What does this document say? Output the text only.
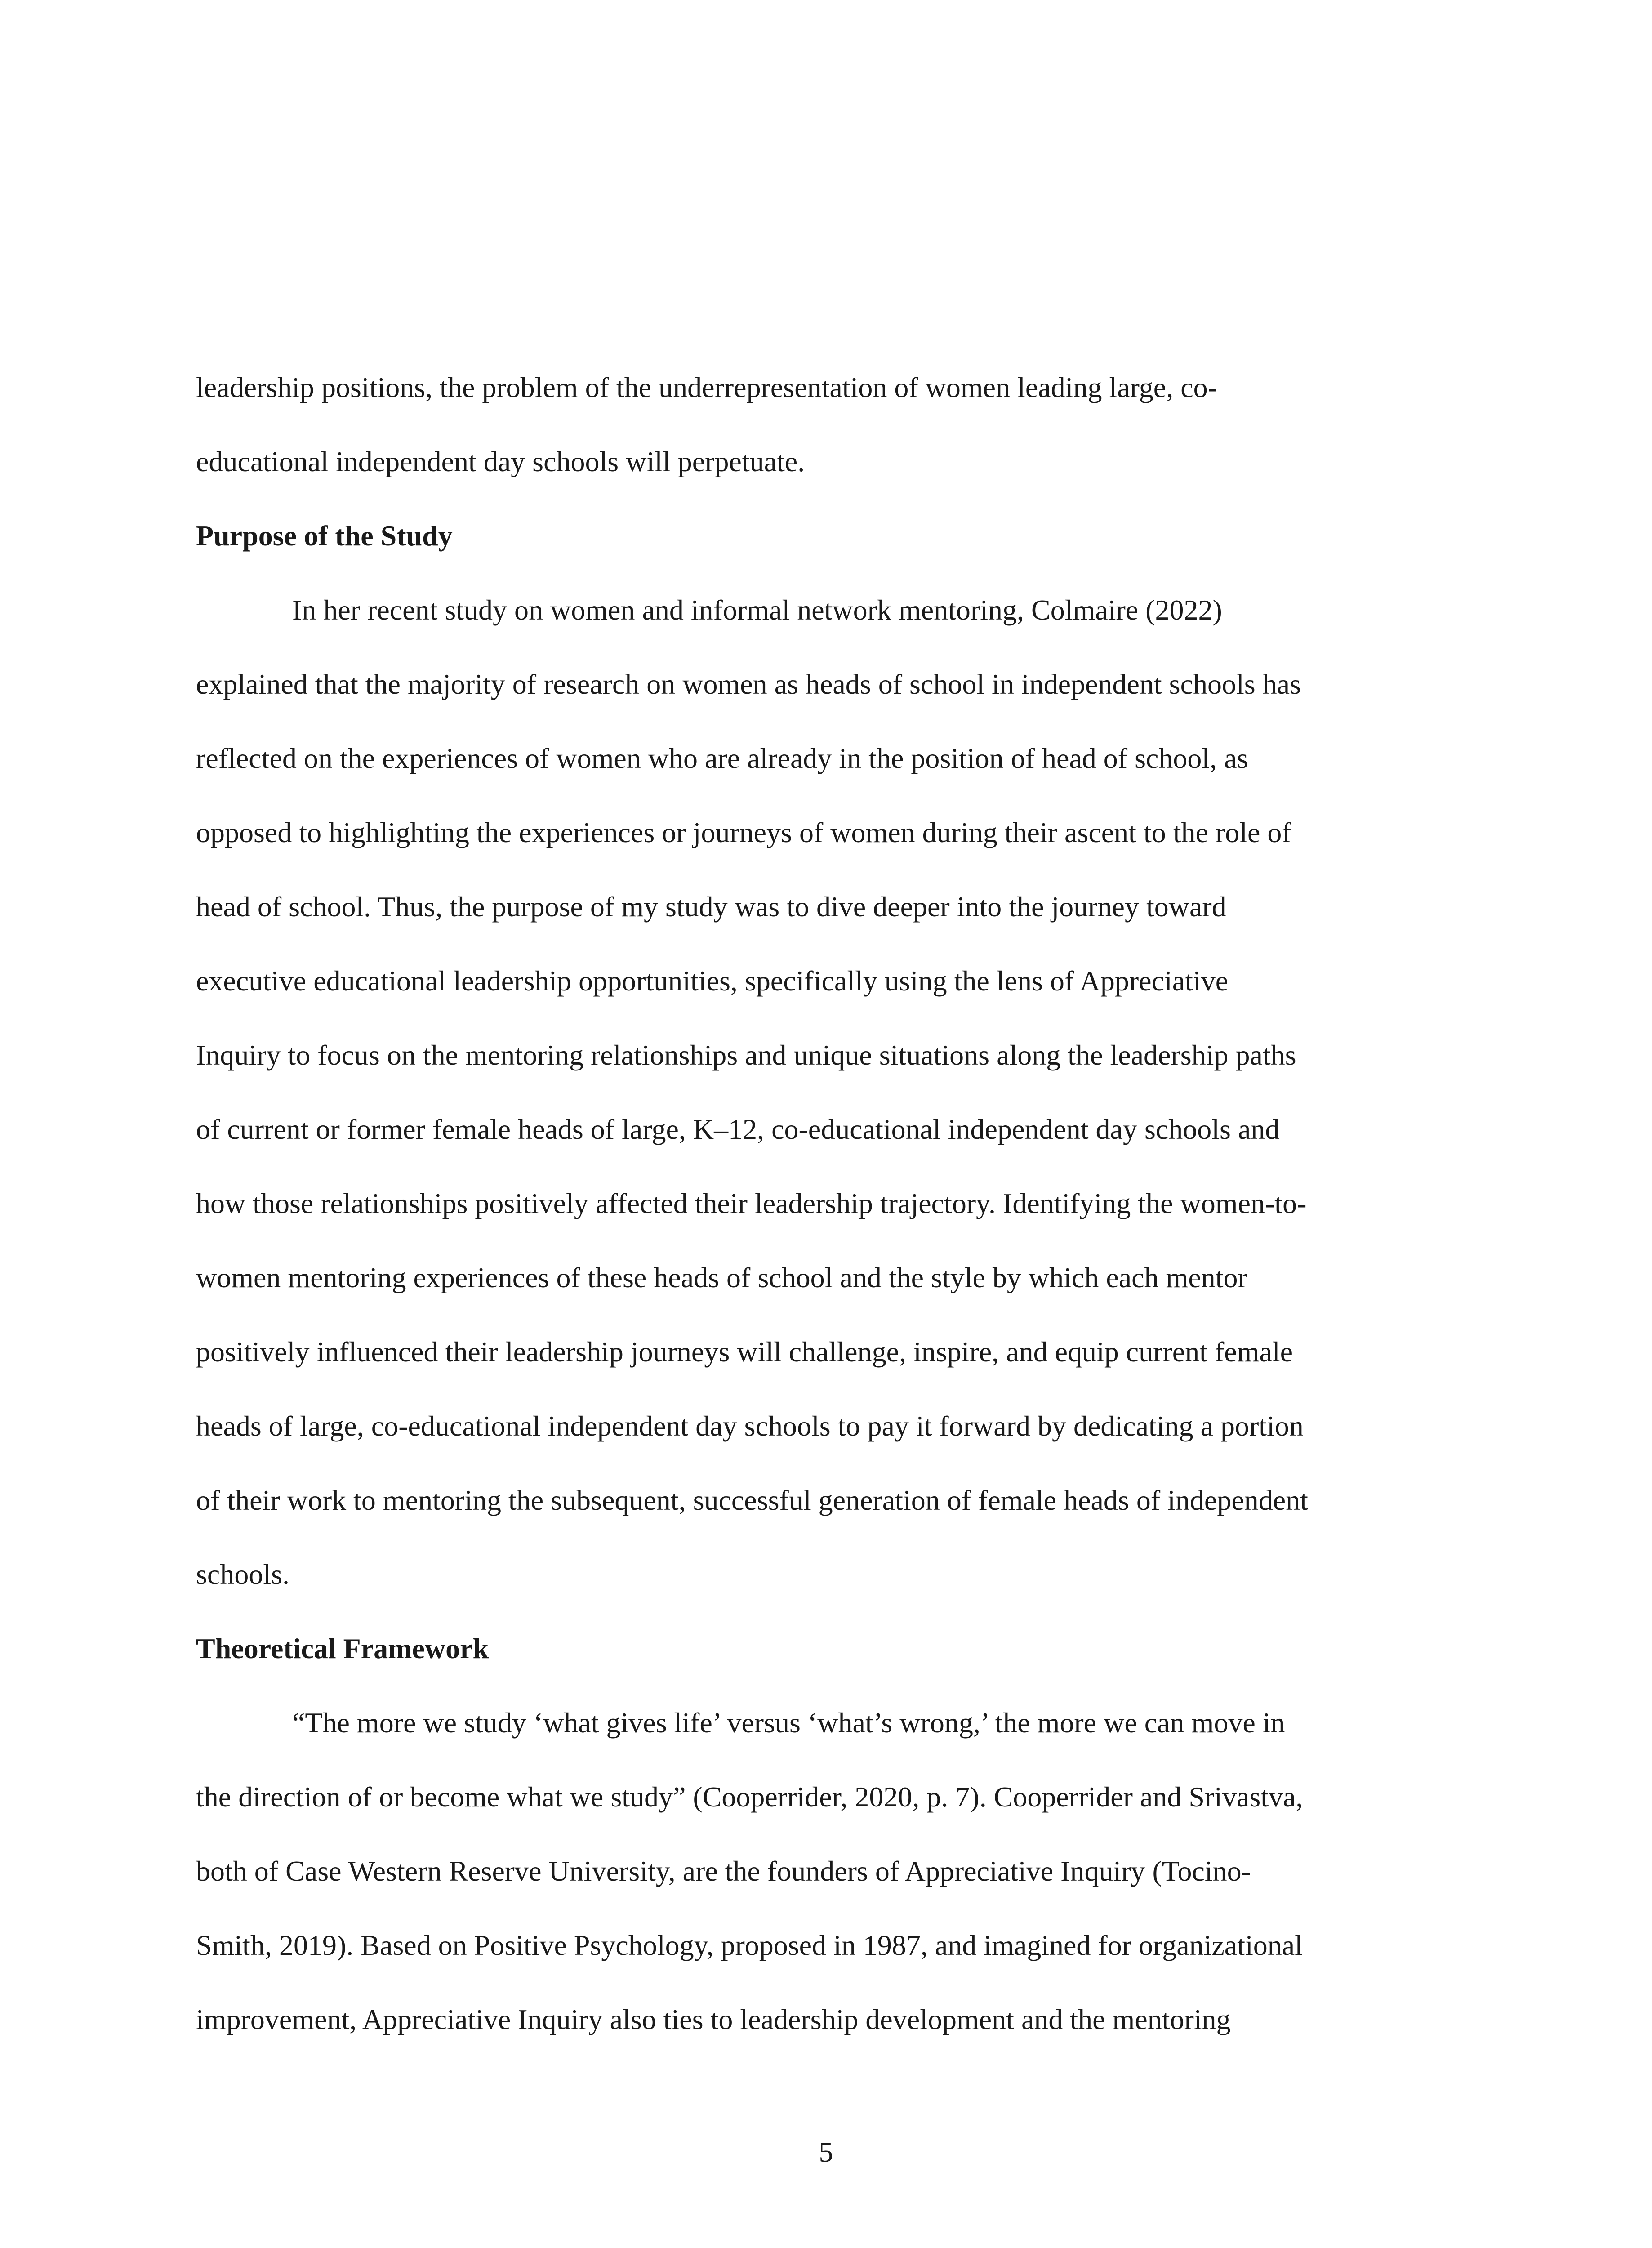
leadership positions, the problem of the underrepresentation of women leading large, co-

educational independent day schools will perpetuate.

Purpose of the Study

In her recent study on women and informal network mentoring, Colmaire (2022)

explained that the majority of research on women as heads of school in independent schools has

reflected on the experiences of women who are already in the position of head of school, as

opposed to highlighting the experiences or journeys of women during their ascent to the role of

head of school. Thus, the purpose of my study was to dive deeper into the journey toward

executive educational leadership opportunities, specifically using the lens of Appreciative

Inquiry to focus on the mentoring relationships and unique situations along the leadership paths

of current or former female heads of large, K–12, co-educational independent day schools and

how those relationships positively affected their leadership trajectory. Identifying the women-to-

women mentoring experiences of these heads of school and the style by which each mentor

positively influenced their leadership journeys will challenge, inspire, and equip current female

heads of large, co-educational independent day schools to pay it forward by dedicating a portion

of their work to mentoring the subsequent, successful generation of female heads of independent

schools.

Theoretical Framework

“The more we study ‘what gives life’ versus ‘what’s wrong,’ the more we can move in

the direction of or become what we study” (Cooperrider, 2020, p. 7). Cooperrider and Srivastva,

both of Case Western Reserve University, are the founders of Appreciative Inquiry (Tocino-

Smith, 2019). Based on Positive Psychology, proposed in 1987, and imagined for organizational

improvement, Appreciative Inquiry also ties to leadership development and the mentoring

5
